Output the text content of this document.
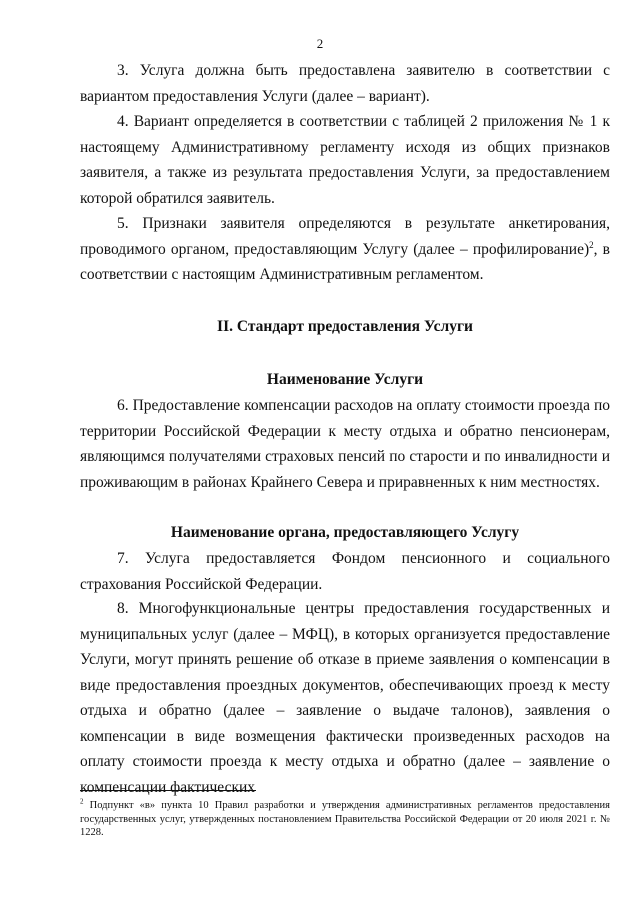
2

3. Услуга должна быть предоставлена заявителю в соответствии с вариантом предоставления Услуги (далее – вариант).

4. Вариант определяется в соответствии с таблицей 2 приложения № 1 к настоящему Административному регламенту исходя из общих признаков заявителя, а также из результата предоставления Услуги, за предоставлением которой обратился заявитель.

5. Признаки заявителя определяются в результате анкетирования, проводимого органом, предоставляющим Услугу (далее – профилирование)$^2$, в соответствии с настоящим Административным регламентом.

II. Стандарт предоставления Услуги

Наименование Услуги

6. Предоставление компенсации расходов на оплату стоимости проезда по территории Российской Федерации к месту отдыха и обратно пенсионерам, являющимся получателями страховых пенсий по старости и по инвалидности и проживающим в районах Крайнего Севера и приравненных к ним местностях.

Наименование органа, предоставляющего Услугу

7. Услуга предоставляется Фондом пенсионного и социального страхования Российской Федерации.

8. Многофункциональные центры предоставления государственных и муниципальных услуг (далее – МФЦ), в которых организуется предоставление Услуги, могут принять решение об отказе в приеме заявления о компенсации в виде предоставления проездных документов, обеспечивающих проезд к месту отдыха и обратно (далее – заявление о выдаче талонов), заявления о компенсации в виде возмещения фактически произведенных расходов на оплату стоимости проезда к месту отдыха и обратно (далее – заявление о компенсации фактических

$^2$ Подпункт «в» пункта 10 Правил разработки и утверждения административных регламентов предоставления государственных услуг, утвержденных постановлением Правительства Российской Федерации от 20 июля 2021 г. № 1228.
